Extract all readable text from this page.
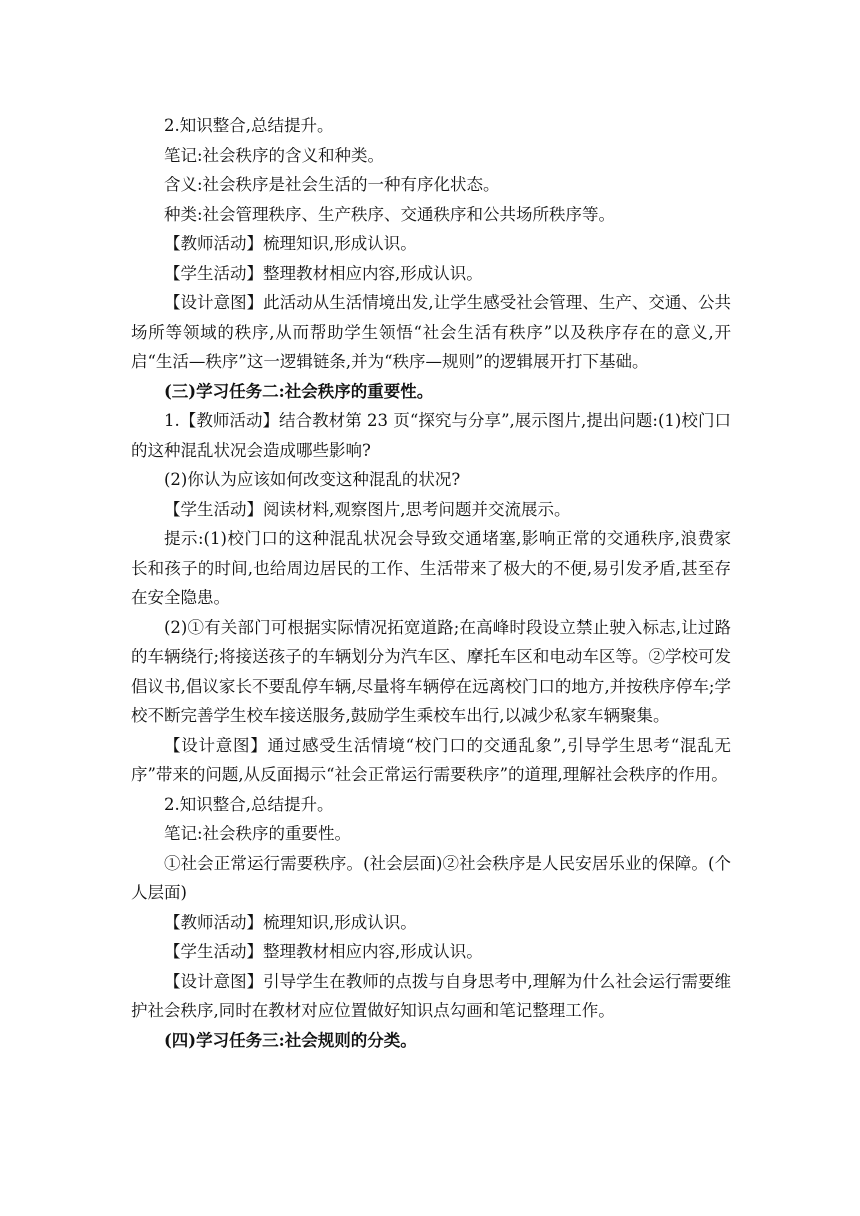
2.知识整合,总结提升。

笔记:社会秩序的含义和种类。

含义:社会秩序是社会生活的一种有序化状态。

种类:社会管理秩序、生产秩序、交通秩序和公共场所秩序等。

【教师活动】梳理知识,形成认识。

【学生活动】整理教材相应内容,形成认识。

【设计意图】此活动从生活情境出发,让学生感受社会管理、生产、交通、公共场所等领域的秩序,从而帮助学生领悟“社会生活有秩序”以及秩序存在的意义,开启“生活—秩序”这一逻辑链条,并为“秩序—规则”的逻辑展开打下基础。

(三)学习任务二:社会秩序的重要性。

1.【教师活动】结合教材第 23 页“探究与分享”,展示图片,提出问题:(1)校门口的这种混乱状况会造成哪些影响?

(2)你认为应该如何改变这种混乱的状况?

【学生活动】阅读材料,观察图片,思考问题并交流展示。

提示:(1)校门口的这种混乱状况会导致交通堵塞,影响正常的交通秩序,浪费家长和孩子的时间,也给周边居民的工作、生活带来了极大的不便,易引发矛盾,甚至存在安全隐患。

(2)①有关部门可根据实际情况拓宽道路;在高峰时段设立禁止驶入标志,让过路的车辆绕行;将接送孩子的车辆划分为汽车区、摩托车区和电动车区等。②学校可发倡议书,倡议家长不要乱停车辆,尽量将车辆停在远离校门口的地方,并按秩序停车;学校不断完善学生校车接送服务,鼓励学生乘校车出行,以减少私家车辆聚集。

【设计意图】通过感受生活情境“校门口的交通乱象”,引导学生思考“混乱无序”带来的问题,从反面揭示“社会正常运行需要秩序”的道理,理解社会秩序的作用。

2.知识整合,总结提升。

笔记:社会秩序的重要性。

①社会正常运行需要秩序。(社会层面)②社会秩序是人民安居乐业的保障。(个人层面)

【教师活动】梳理知识,形成认识。

【学生活动】整理教材相应内容,形成认识。

【设计意图】引导学生在教师的点拨与自身思考中,理解为什么社会运行需要维护社会秩序,同时在教材对应位置做好知识点勾画和笔记整理工作。

(四)学习任务三:社会规则的分类。
